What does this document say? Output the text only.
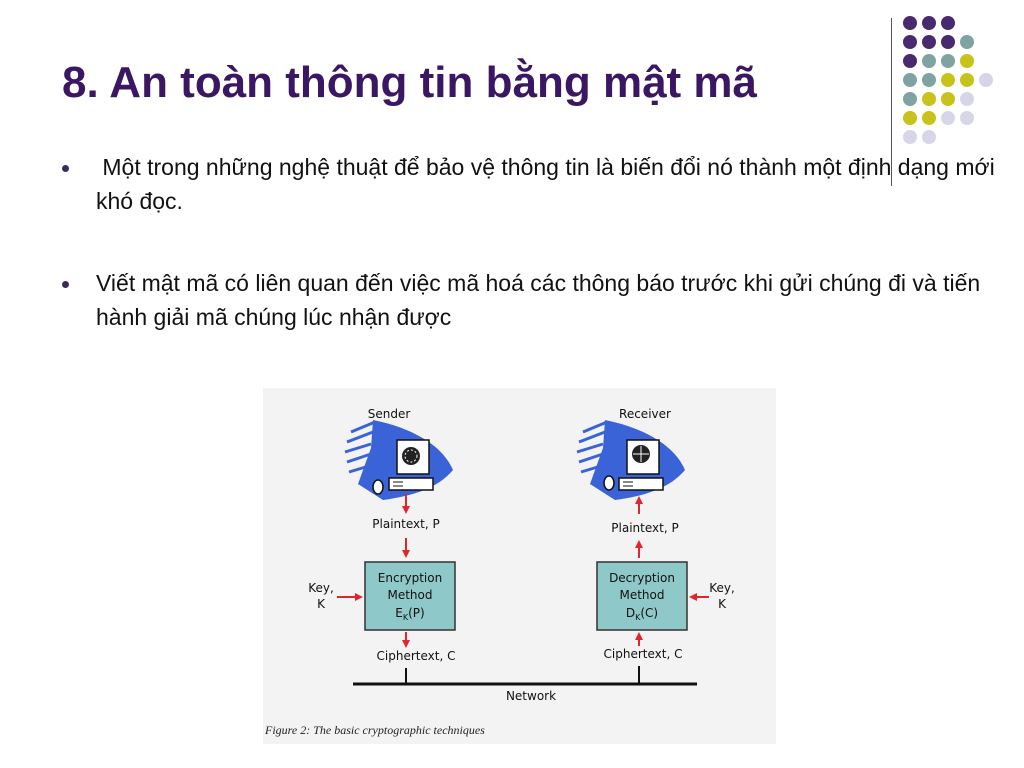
8. An toàn thông tin bằng mật mã
Một trong những nghệ thuật để bảo vệ thông tin là biến đổi nó thành một định dạng mới khó đọc.
Viết mật mã có liên quan đến việc mã hoá các thông báo trước khi gửi chúng đi và tiến hành giải mã chúng lúc nhận được
Sender	Receiver
Plaintext, P
Encryption
Method
$E_K(P)$
Key,
K
Ciphertext, C
Plaintext, P
Decryption
Method
$D_K(C)$
Key,
K
Ciphertext, C
Network
Figure 2: The basic cryptographic techniques
